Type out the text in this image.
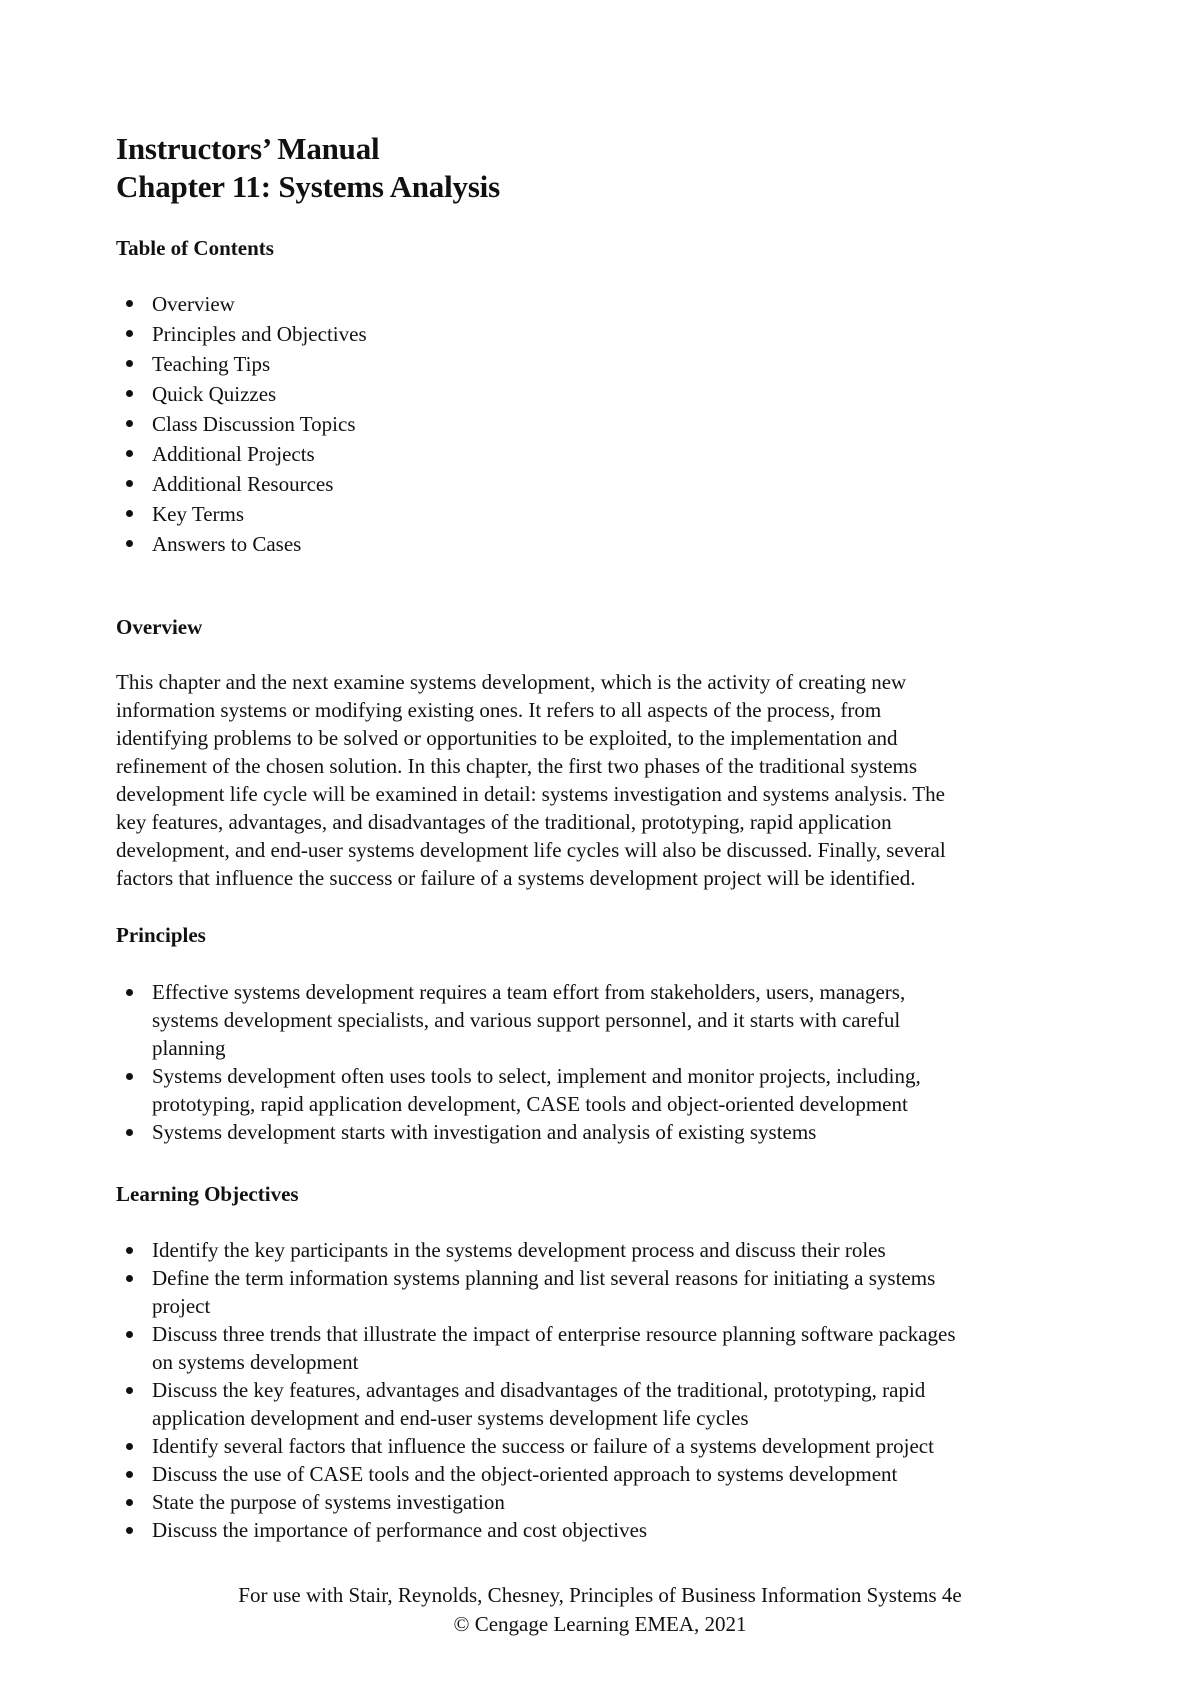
Instructors’ Manual
Chapter 11: Systems Analysis
Table of Contents
Overview
Principles and Objectives
Teaching Tips
Quick Quizzes
Class Discussion Topics
Additional Projects
Additional Resources
Key Terms
Answers to Cases
Overview
This chapter and the next examine systems development, which is the activity of creating new
information systems or modifying existing ones. It refers to all aspects of the process, from
identifying problems to be solved or opportunities to be exploited, to the implementation and
refinement of the chosen solution. In this chapter, the first two phases of the traditional systems
development life cycle will be examined in detail: systems investigation and systems analysis. The
key features, advantages, and disadvantages of the traditional, prototyping, rapid application
development, and end-user systems development life cycles will also be discussed. Finally, several
factors that influence the success or failure of a systems development project will be identified.
Principles
Effective systems development requires a team effort from stakeholders, users, managers,
systems development specialists, and various support personnel, and it starts with careful
planning
Systems development often uses tools to select, implement and monitor projects, including,
prototyping, rapid application development, CASE tools and object-oriented development
Systems development starts with investigation and analysis of existing systems
Learning Objectives
Identify the key participants in the systems development process and discuss their roles
Define the term information systems planning and list several reasons for initiating a systems
project
Discuss three trends that illustrate the impact of enterprise resource planning software packages
on systems development
Discuss the key features, advantages and disadvantages of the traditional, prototyping, rapid
application development and end-user systems development life cycles
Identify several factors that influence the success or failure of a systems development project
Discuss the use of CASE tools and the object-oriented approach to systems development
State the purpose of systems investigation
Discuss the importance of performance and cost objectives
For use with Stair, Reynolds, Chesney, Principles of Business Information Systems 4e
© Cengage Learning EMEA, 2021
